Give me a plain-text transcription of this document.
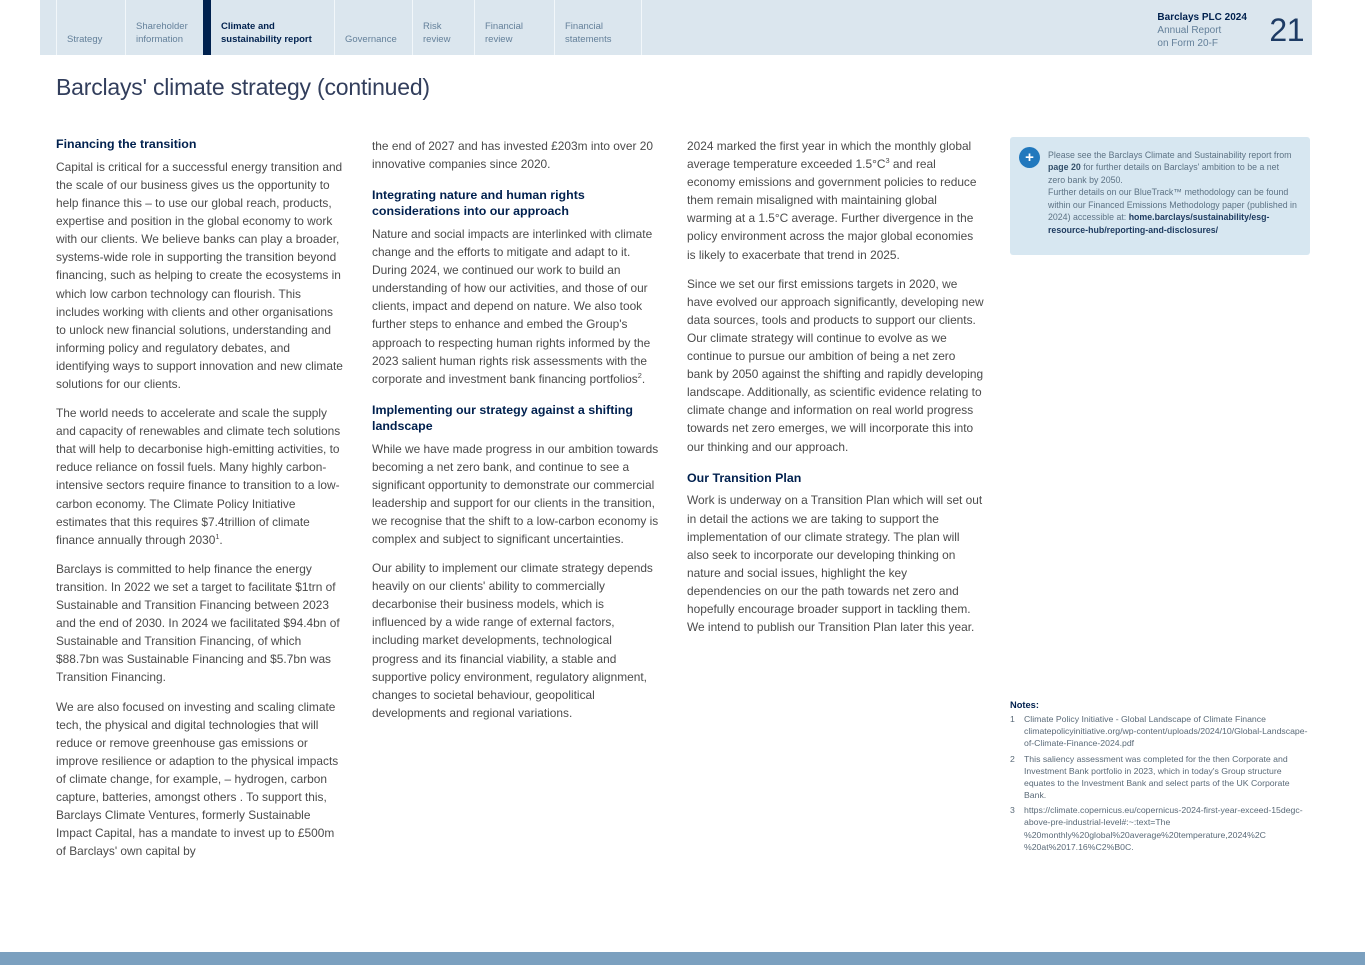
Strategy
Shareholder information
Climate and sustainability report	Governance
Risk review
Financial review
Financial statements
Barclays PLC 2024
Annual Report
on Form 20-F	21
Barclays' climate strategy (continued)
Financing the transition

Capital is critical for a successful energy transition and the scale of our business gives us the opportunity to help finance this – to use our global reach, products, expertise and position in the global economy to work with our clients. We believe banks can play a broader, systems-wide role in supporting the transition beyond financing, such as helping to create the ecosystems in which low carbon technology can flourish. This includes working with clients and other organisations to unlock new financial solutions, understanding and informing policy and regulatory debates, and identifying ways to support innovation and new climate solutions for our clients.

The world needs to accelerate and scale the supply and capacity of renewables and climate tech solutions that will help to decarbonise high-emitting activities, to reduce reliance on fossil fuels. Many highly carbon-intensive sectors require finance to transition to a low-carbon economy. The Climate Policy Initiative estimates that this requires $7.4trillion of climate finance annually through 2030$^1$.

Barclays is committed to help finance the energy transition. In 2022 we set a target to facilitate $1trn of Sustainable and Transition Financing between 2023 and the end of 2030. In 2024 we facilitated $94.4bn of Sustainable and Transition Financing, of which $88.7bn was Sustainable Financing and $5.7bn was Transition Financing.

We are also focused on investing and scaling climate tech, the physical and digital technologies that will reduce or remove greenhouse gas emissions or improve resilience or adaption to the physical impacts of climate change, for example, – hydrogen, carbon capture, batteries, amongst others . To support this, Barclays Climate Ventures, formerly Sustainable Impact Capital, has a mandate to invest up to £500m of Barclays' own capital by

the end of 2027 and has invested £203m into over 20 innovative companies since 2020.

Integrating nature and human rights considerations into our approach

Nature and social impacts are interlinked with climate change and the efforts to mitigate and adapt to it. During 2024, we continued our work to build an understanding of how our activities, and those of our clients, impact and depend on nature. We also took further steps to enhance and embed the Group's approach to respecting human rights informed by the 2023 salient human rights risk assessments with the corporate and investment bank financing portfolios$^2$.

Implementing our strategy against a shifting landscape

While we have made progress in our ambition towards becoming a net zero bank, and continue to see a significant opportunity to demonstrate our commercial leadership and support for our clients in the transition, we recognise that the shift to a low-carbon economy is complex and subject to significant uncertainties.

Our ability to implement our climate strategy depends heavily on our clients' ability to commercially decarbonise their business models, which is influenced by a wide range of external factors, including market developments, technological progress and its financial viability, a stable and supportive policy environment, regulatory alignment, changes to societal behaviour, geopolitical developments and regional variations.

2024 marked the first year in which the monthly global average temperature exceeded $1.5^\circ C^3$ and real economy emissions and government policies to reduce them remain misaligned with maintaining global warming at a 1.5°C average. Further divergence in the policy environment across the major global economies is likely to exacerbate that trend in 2025.

Since we set our first emissions targets in 2020, we have evolved our approach significantly, developing new data sources, tools and products to support our clients. Our climate strategy will continue to evolve as we continue to pursue our ambition of being a net zero bank by 2050 against the shifting and rapidly developing landscape. Additionally, as scientific evidence relating to climate change and information on real world progress towards net zero emerges, we will incorporate this into our thinking and our approach.

Our Transition Plan

Work is underway on a Transition Plan which will set out in detail the actions we are taking to support the implementation of our climate strategy. The plan will also seek to incorporate our developing thinking on nature and social issues, highlight the key dependencies on our the path towards net zero and hopefully encourage broader support in tackling them. We intend to publish our Transition Plan later this year.

+	Please see the Barclays Climate and Sustainability report from page 20 for further details on Barclays' ambition to be a net zero bank by 2050.
Further details on our BlueTrack™ methodology can be found within our Financed Emissions Methodology paper (published in 2024) accessible at: home.barclays/sustainability/esg-resource-hub/reporting-and-disclosures/
Notes:
1	Climate Policy Initiative - Global Landscape of Climate Finance climatepolicyinitiative.org/wp-content/uploads/2024/10/Global-Landscape-of-Climate-Finance-2024.pdf
2	This saliency assessment was completed for the then Corporate and Investment Bank portfolio in 2023, which in today's Group structure equates to the Investment Bank and select parts of the UK Corporate Bank.
3	https://climate.copernicus.eu/copernicus-2024-first-year-exceed-15degc-above-pre-industrial-level#:~:text=The %20monthly%20global%20average%20temperature,2024%2C %20at%2017.16%C2%B0C.
